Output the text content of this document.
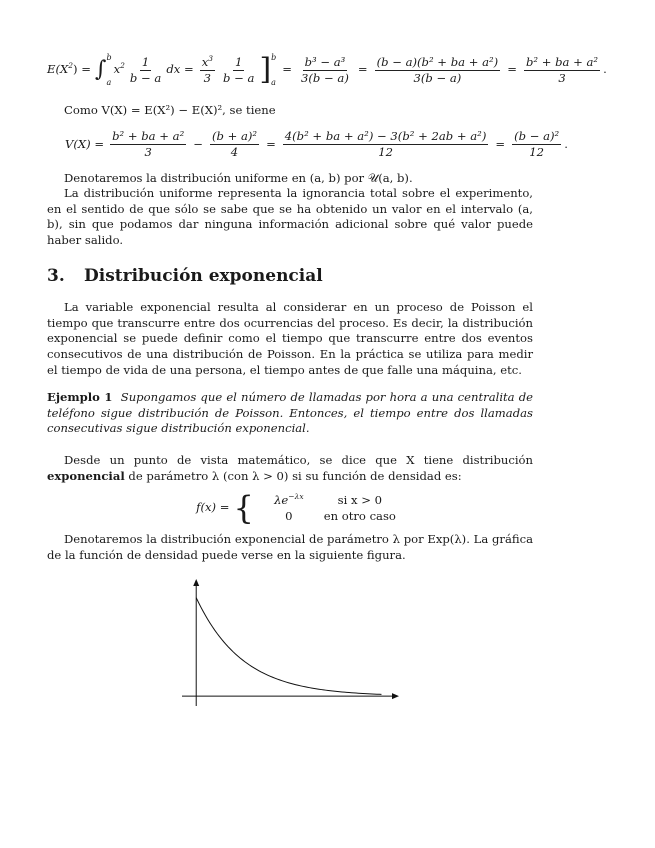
$E(X^2)$ = ∫ b
a
$x^2 \frac{1}{b - a}$ dx = $\frac{x^3}{3} \frac{1}{b - a}$ ] b
a
= $\frac{\text{b³ − a³}}{3(b - a)} = \frac{\text{(b − a)(b² + ba + a²)}}{3(b - a)} = \frac{\text{b² + ba + a²}}{3}$ .

Como V(X) = E(X²) − E(X)², se tiene

$V(X) = \frac{\text{b² + ba + a²}}{3} - \frac{\text{(b + a)²}}{4} = \frac{\text{4(b² + ba + a²) − 3(b² + 2ab + a²)}}{12} = \frac{\text{(b − a)²}}{12}$ .

Denotaremos la distribución uniforme en (a, b) por 𝒰(a, b).

La distribución uniforme representa la ignorancia total sobre el experimento, en el sentido de que sólo se sabe que se ha obtenido un valor en el intervalo (a, b), sin que podamos dar ninguna información adicional sobre qué valor puede haber salido.

3.	Distribución exponencial

La variable exponencial resulta al considerar en un proceso de Poisson el tiempo que transcurre entre dos ocurrencias del proceso. Es decir, la distribución exponencial se puede definir como el tiempo que transcurre entre dos eventos consecutivos de una distribución de Poisson. En la práctica se utiliza para medir el tiempo de vida de una persona, el tiempo antes de que falle una máquina, etc.

Ejemplo 1 Supongamos que el número de llamadas por hora a una centralita de teléfono sigue distribución de Poisson. Entonces, el tiempo entre dos llamadas consecutivas sigue distribución exponencial.

Desde un punto de vista matemático, se dice que X tiene distribución exponencial de parámetro λ (con λ > 0) si su función de densidad es:

f(x) = {	$\lambda e^{-\lambda x}$	si x > 0
0	en otro caso

Denotaremos la distribución exponencial de parámetro λ por Exp(λ). La gráfica de la función de densidad puede verse en la siguiente figura.
